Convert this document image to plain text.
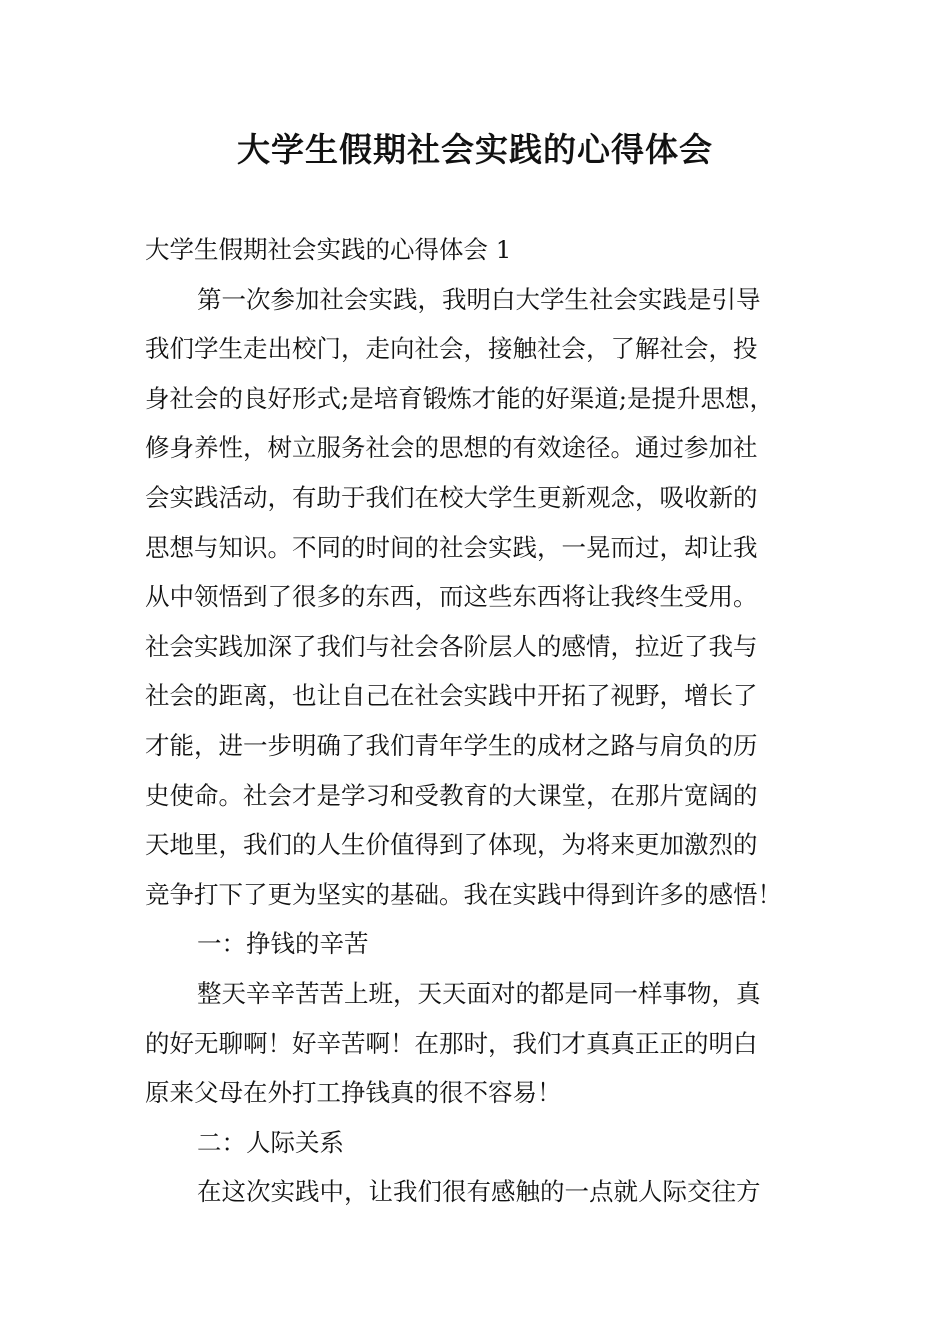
大学生假期社会实践的心得体会
大学生假期社会实践的心得体会 1
第一次参加社会实践，我明白大学生社会实践是引导
我们学生走出校门，走向社会，接触社会，了解社会，投
身社会的良好形式;是培育锻炼才能的好渠道;是提升思想，
修身养性，树立服务社会的思想的有效途径。通过参加社
会实践活动，有助于我们在校大学生更新观念，吸收新的
思想与知识。不同的时间的社会实践，一晃而过，却让我
从中领悟到了很多的东西，而这些东西将让我终生受用。
社会实践加深了我们与社会各阶层人的感情，拉近了我与
社会的距离，也让自己在社会实践中开拓了视野，增长了
才能，进一步明确了我们青年学生的成材之路与肩负的历
史使命。社会才是学习和受教育的大课堂，在那片宽阔的
天地里，我们的人生价值得到了体现，为将来更加激烈的
竞争打下了更为坚实的基础。我在实践中得到许多的感悟！
一：挣钱的辛苦
整天辛辛苦苦上班，天天面对的都是同一样事物，真
的好无聊啊！好辛苦啊！在那时，我们才真真正正的明白
原来父母在外打工挣钱真的很不容易！
二：人际关系
在这次实践中，让我们很有感触的一点就人际交往方
